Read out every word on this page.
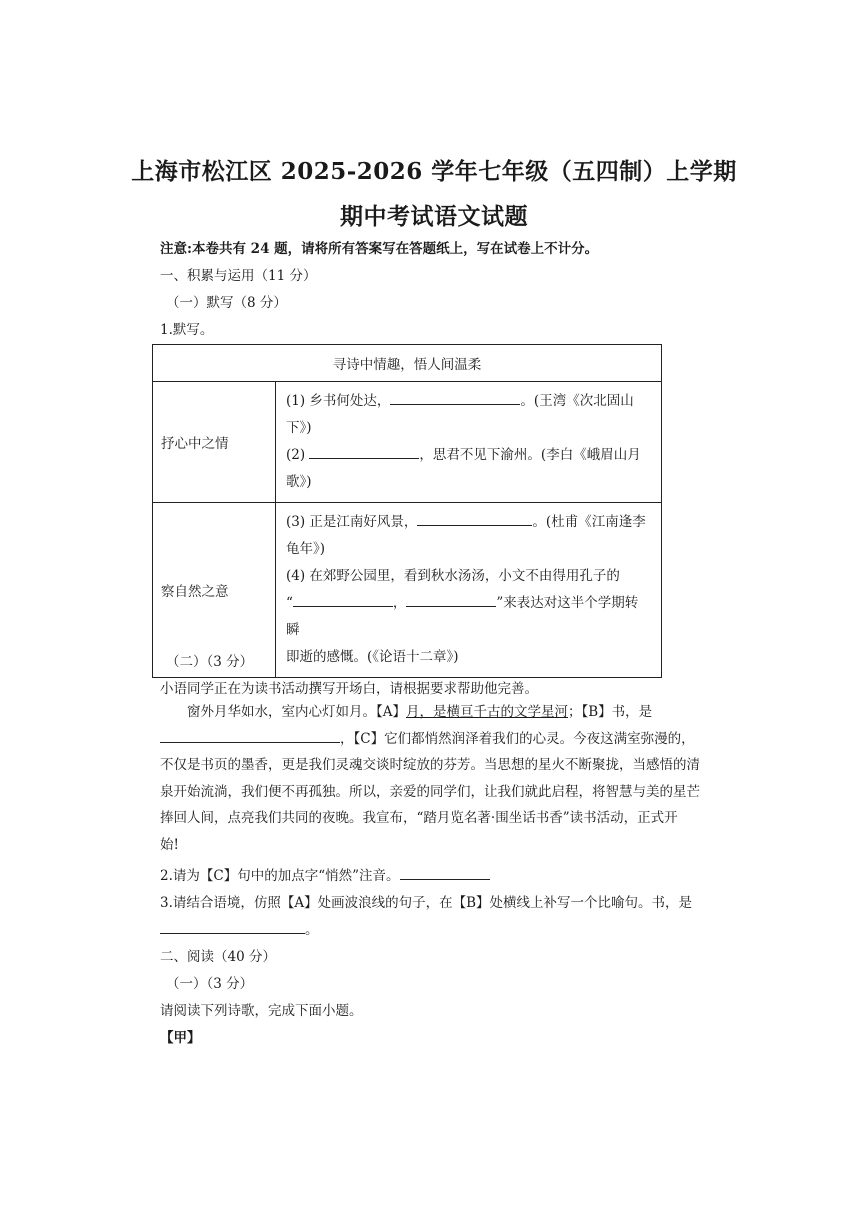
上海市松江区 2025-2026 学年七年级（五四制）上学期
期中考试语文试题
注意:本卷共有 24 题，请将所有答案写在答题纸上，写在试卷上不计分。
一、积累与运用（11 分）
（一）默写（8 分）
1.默写。
寻诗中情趣，悟人间温柔	
抒心中之情	(1) 乡书何处达， 。(王湾《次北固山下》)
(2) ，思君不见下渝州。(李白《峨眉山月
歌》)

察自然之意	(3) 正是江南好风景， 。(杜甫《江南逢李
龟年》)
(4) 在郊野公园里，看到秋水汤汤，小文不由得用孔子的
“ ， ”来表达对这半个学期转瞬
即逝的感慨。(《论语十二章》)
（二）（3 分）
小语同学正在为读书活动撰写开场白，请根据要求帮助他完善。
窗外月华如水，室内心灯如月。【A】月，是横亘千古的文学星河；【B】书，是
，【C】它们都悄然润泽着我们的心灵。今夜这满室弥漫的，
不仅是书页的墨香，更是我们灵魂交谈时绽放的芬芳。当思想的星火不断聚拢，当感悟的清
泉开始流淌，我们便不再孤独。所以，亲爱的同学们，让我们就此启程，将智慧与美的星芒
捧回人间，点亮我们共同的夜晚。我宣布，“踏月览名著·围坐话书香”读书活动，正式开
始!
2.请为【C】句中的加点字“悄然”注音。
3.请结合语境，仿照【A】处画波浪线的句子，在【B】处横线上补写一个比喻句。书，是
。
二、阅读（40 分）
（一）（3 分）
请阅读下列诗歌，完成下面小题。
【甲】
